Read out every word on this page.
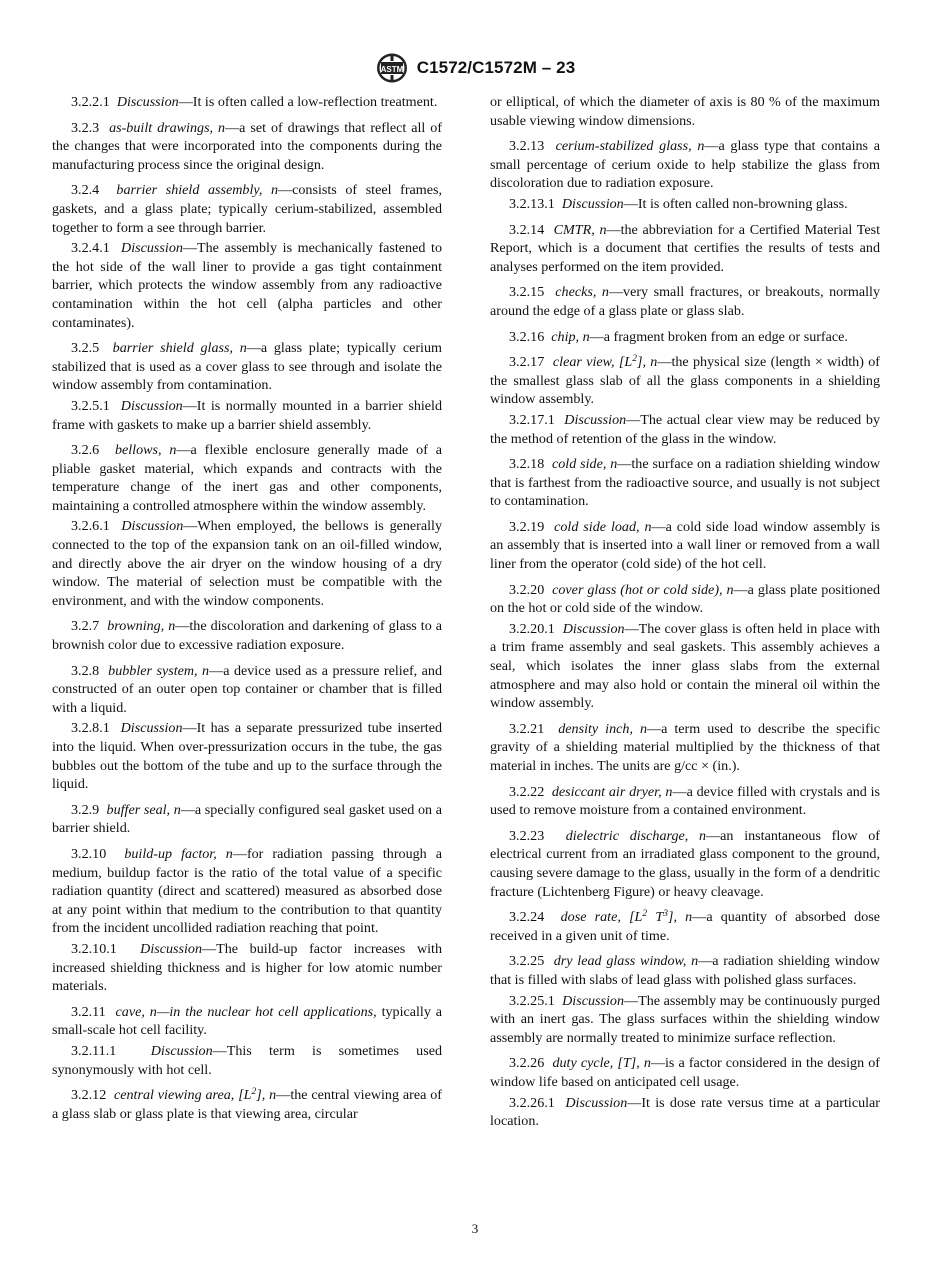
ASTM C1572/C1572M – 23

3.2.2.1 Discussion—It is often called a low-reflection treatment.

3.2.3 as-built drawings, n—a set of drawings that reflect all of the changes that were incorporated into the components during the manufacturing process since the original design.

3.2.4 barrier shield assembly, n—consists of steel frames, gaskets, and a glass plate; typically cerium-stabilized, assembled together to form a see through barrier.

3.2.4.1 Discussion—The assembly is mechanically fastened to the hot side of the wall liner to provide a gas tight containment barrier, which protects the window assembly from any radioactive contamination within the hot cell (alpha particles and other contaminates).

3.2.5 barrier shield glass, n—a glass plate; typically cerium stabilized that is used as a cover glass to see through and isolate the window assembly from contamination.

3.2.5.1 Discussion—It is normally mounted in a barrier shield frame with gaskets to make up a barrier shield assembly.

3.2.6 bellows, n—a flexible enclosure generally made of a pliable gasket material, which expands and contracts with the temperature change of the inert gas and other components, maintaining a controlled atmosphere within the window assembly.

3.2.6.1 Discussion—When employed, the bellows is generally connected to the top of the expansion tank on an oil-filled window, and directly above the air dryer on the window housing of a dry window. The material of selection must be compatible with the environment, and with the window components.

3.2.7 browning, n—the discoloration and darkening of glass to a brownish color due to excessive radiation exposure.

3.2.8 bubbler system, n—a device used as a pressure relief, and constructed of an outer open top container or chamber that is filled with a liquid.

3.2.8.1 Discussion—It has a separate pressurized tube inserted into the liquid. When over-pressurization occurs in the tube, the gas bubbles out the bottom of the tube and up to the surface through the liquid.

3.2.9 buffer seal, n—a specially configured seal gasket used on a barrier shield.

3.2.10 build-up factor, n—for radiation passing through a medium, buildup factor is the ratio of the total value of a specific radiation quantity (direct and scattered) measured as absorbed dose at any point within that medium to the contribution to that quantity from the incident uncollided radiation reaching that point.

3.2.10.1 Discussion—The build-up factor increases with increased shielding thickness and is higher for low atomic number materials.

3.2.11 cave, n—in the nuclear hot cell applications, typically a small-scale hot cell facility.

3.2.11.1 Discussion—This term is sometimes used synonymously with hot cell.

3.2.12 central viewing area, $[L^2]$, n—the central viewing area of a glass slab or glass plate is that viewing area, circular

or elliptical, of which the diameter of axis is 80 % of the maximum usable viewing window dimensions.

3.2.13 cerium-stabilized glass, n—a glass type that contains a small percentage of cerium oxide to help stabilize the glass from discoloration due to radiation exposure.

3.2.13.1 Discussion—It is often called non-browning glass.

3.2.14 CMTR, n—the abbreviation for a Certified Material Test Report, which is a document that certifies the results of tests and analyses performed on the item provided.

3.2.15 checks, n—very small fractures, or breakouts, normally around the edge of a glass plate or glass slab.

3.2.16 chip, n—a fragment broken from an edge or surface.

3.2.17 clear view, $[L^2]$, n—the physical size (length × width) of the smallest glass slab of all the glass components in a shielding window assembly.

3.2.17.1 Discussion—The actual clear view may be reduced by the method of retention of the glass in the window.

3.2.18 cold side, n—the surface on a radiation shielding window that is farthest from the radioactive source, and usually is not subject to contamination.

3.2.19 cold side load, n—a cold side load window assembly is an assembly that is inserted into a wall liner or removed from a wall liner from the operator (cold side) of the hot cell.

3.2.20 cover glass (hot or cold side), n—a glass plate positioned on the hot or cold side of the window.

3.2.20.1 Discussion—The cover glass is often held in place with a trim frame assembly and seal gaskets. This assembly achieves a seal, which isolates the inner glass slabs from the external atmosphere and may also hold or contain the mineral oil within the window assembly.

3.2.21 density inch, n—a term used to describe the specific gravity of a shielding material multiplied by the thickness of that material in inches. The units are g/cc × (in.).

3.2.22 desiccant air dryer, n—a device filled with crystals and is used to remove moisture from a contained environment.

3.2.23 dielectric discharge, n—an instantaneous flow of electrical current from an irradiated glass component to the ground, causing severe damage to the glass, usually in the form of a dendritic fracture (Lichtenberg Figure) or heavy cleavage.

3.2.24 dose rate, [$L^2$ $T^3$], n—a quantity of absorbed dose received in a given unit of time.

3.2.25 dry lead glass window, n—a radiation shielding window that is filled with slabs of lead glass with polished glass surfaces.

3.2.25.1 Discussion—The assembly may be continuously purged with an inert gas. The glass surfaces within the shielding window assembly are normally treated to minimize surface reflection.

3.2.26 duty cycle, [T], n—is a factor considered in the design of window life based on anticipated cell usage.

3.2.26.1 Discussion—It is dose rate versus time at a particular location.

3
